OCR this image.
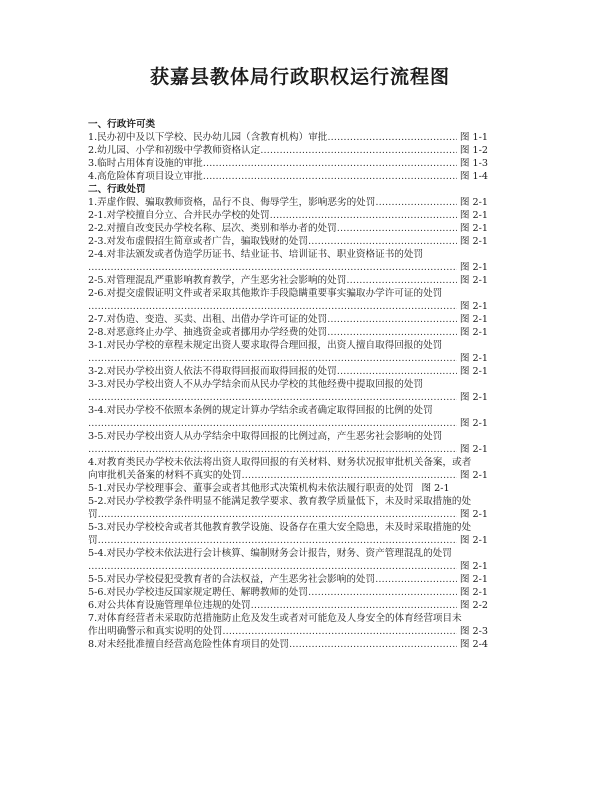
获嘉县教体局行政职权运行流程图
一、行政许可类
1.民办初中及以下学校、民办幼儿园（含教育机构）审批 …………………………………………………………………………………………………………………………………………………………………………………………………………………………	图 1-1
2.幼儿园、小学和初级中学教师资格认定 …………………………………………………………………………………………………………………………………………………………………………………………………………………………	图 1-2
3.临时占用体育设施的审批 …………………………………………………………………………………………………………………………………………………………………………………………………………………………	图 1-3
4.高危险体育项目设立审批 …………………………………………………………………………………………………………………………………………………………………………………………………………………………	图 1-4
二、行政处罚
1.弄虚作假、骗取教师资格，品行不良、侮辱学生，影响恶劣的处罚 …………………………………………………………………………………………………………………………………………………………………………………………………………………………	图 2-1
2-1.对学校擅自分立、合并民办学校的处罚 …………………………………………………………………………………………………………………………………………………………………………………………………………………………	图 2-1
2-2.对擅自改变民办学校名称、层次、类别和举办者的处罚 …………………………………………………………………………………………………………………………………………………………………………………………………………………………	图 2-1
2-3.对发布虚假招生简章或者广告，骗取钱财的处罚 …………………………………………………………………………………………………………………………………………………………………………………………………………………………	图 2-1
2-4.对非法颁发或者伪造学历证书、结业证书、培训证书、职业资格证书的处罚
…………………………………………………………………………………………………………………………………………………………………………………………………………………………
图 2-1
2-5.对管理混乱严重影响教育教学，产生恶劣社会影响的处罚 …………………………………………………………………………………………………………………………………………………………………………………………………………………………	图 2-1
2-6.对提交虚假证明文件或者采取其他欺诈手段隐瞒重要事实骗取办学许可证的处罚
…………………………………………………………………………………………………………………………………………………………………………………………………………………………
图 2-1
2-7.对伪造、变造、买卖、出租、出借办学许可证的处罚 …………………………………………………………………………………………………………………………………………………………………………………………………………………………	图 2-1
2-8.对恶意终止办学、抽逃资金或者挪用办学经费的处罚 …………………………………………………………………………………………………………………………………………………………………………………………………………………………	图 2-1
3-1.对民办学校的章程未规定出资人要求取得合理回报，出资人擅自取得回报的处罚
…………………………………………………………………………………………………………………………………………………………………………………………………………………………
图 2-1
3-2.对民办学校出资人依法不得取得回报而取得回报的处罚 …………………………………………………………………………………………………………………………………………………………………………………………………………………………	图 2-1
3-3.对民办学校出资人不从办学结余而从民办学校的其他经费中提取回报的处罚
…………………………………………………………………………………………………………………………………………………………………………………………………………………………
图 2-1
3-4.对民办学校不依照本条例的规定计算办学结余或者确定取得回报的比例的处罚
…………………………………………………………………………………………………………………………………………………………………………………………………………………………
图 2-1
3-5.对民办学校出资人从办学结余中取得回报的比例过高，产生恶劣社会影响的处罚
…………………………………………………………………………………………………………………………………………………………………………………………………………………………
图 2-1
4.对教育类民办学校未依法将出资人取得回报的有关材料、财务状况报审批机关备案，或者
向审批机关备案的材料不真实的处罚 …………………………………………………………………………………………………………………………………………………………………………………………………………………………	图 2-1
5-1.对民办学校理事会、董事会或者其他形式决策机构未依法履行职责的处罚 图 2-1
5-2.对民办学校教学条件明显不能满足教学要求、教育教学质量低下，未及时采取措施的处
罚 …………………………………………………………………………………………………………………………………………………………………………………………………………………………	图 2-1
5-3.对民办学校校舍或者其他教育教学设施、设备存在重大安全隐患，未及时采取措施的处
罚 …………………………………………………………………………………………………………………………………………………………………………………………………………………………	图 2-1
5-4.对民办学校未依法进行会计核算、编制财务会计报告，财务、资产管理混乱的处罚
…………………………………………………………………………………………………………………………………………………………………………………………………………………………
图 2-1
5-5.对民办学校侵犯受教育者的合法权益，产生恶劣社会影响的处罚 …………………………………………………………………………………………………………………………………………………………………………………………………………………………	图 2-1
5-6.对民办学校违反国家规定聘任、解聘教师的处罚 …………………………………………………………………………………………………………………………………………………………………………………………………………………………	图 2-1
6.对公共体育设施管理单位违规的处罚 …………………………………………………………………………………………………………………………………………………………………………………………………………………………	图 2-2
7.对体育经营者未采取防范措施防止危及发生或者对可能危及人身安全的体育经营项目未
作出明确警示和真实说明的处罚 …………………………………………………………………………………………………………………………………………………………………………………………………………………………	图 2-3
8.对未经批准擅自经营高危险性体育项目的处罚 …………………………………………………………………………………………………………………………………………………………………………………………………………………………	图 2-4
